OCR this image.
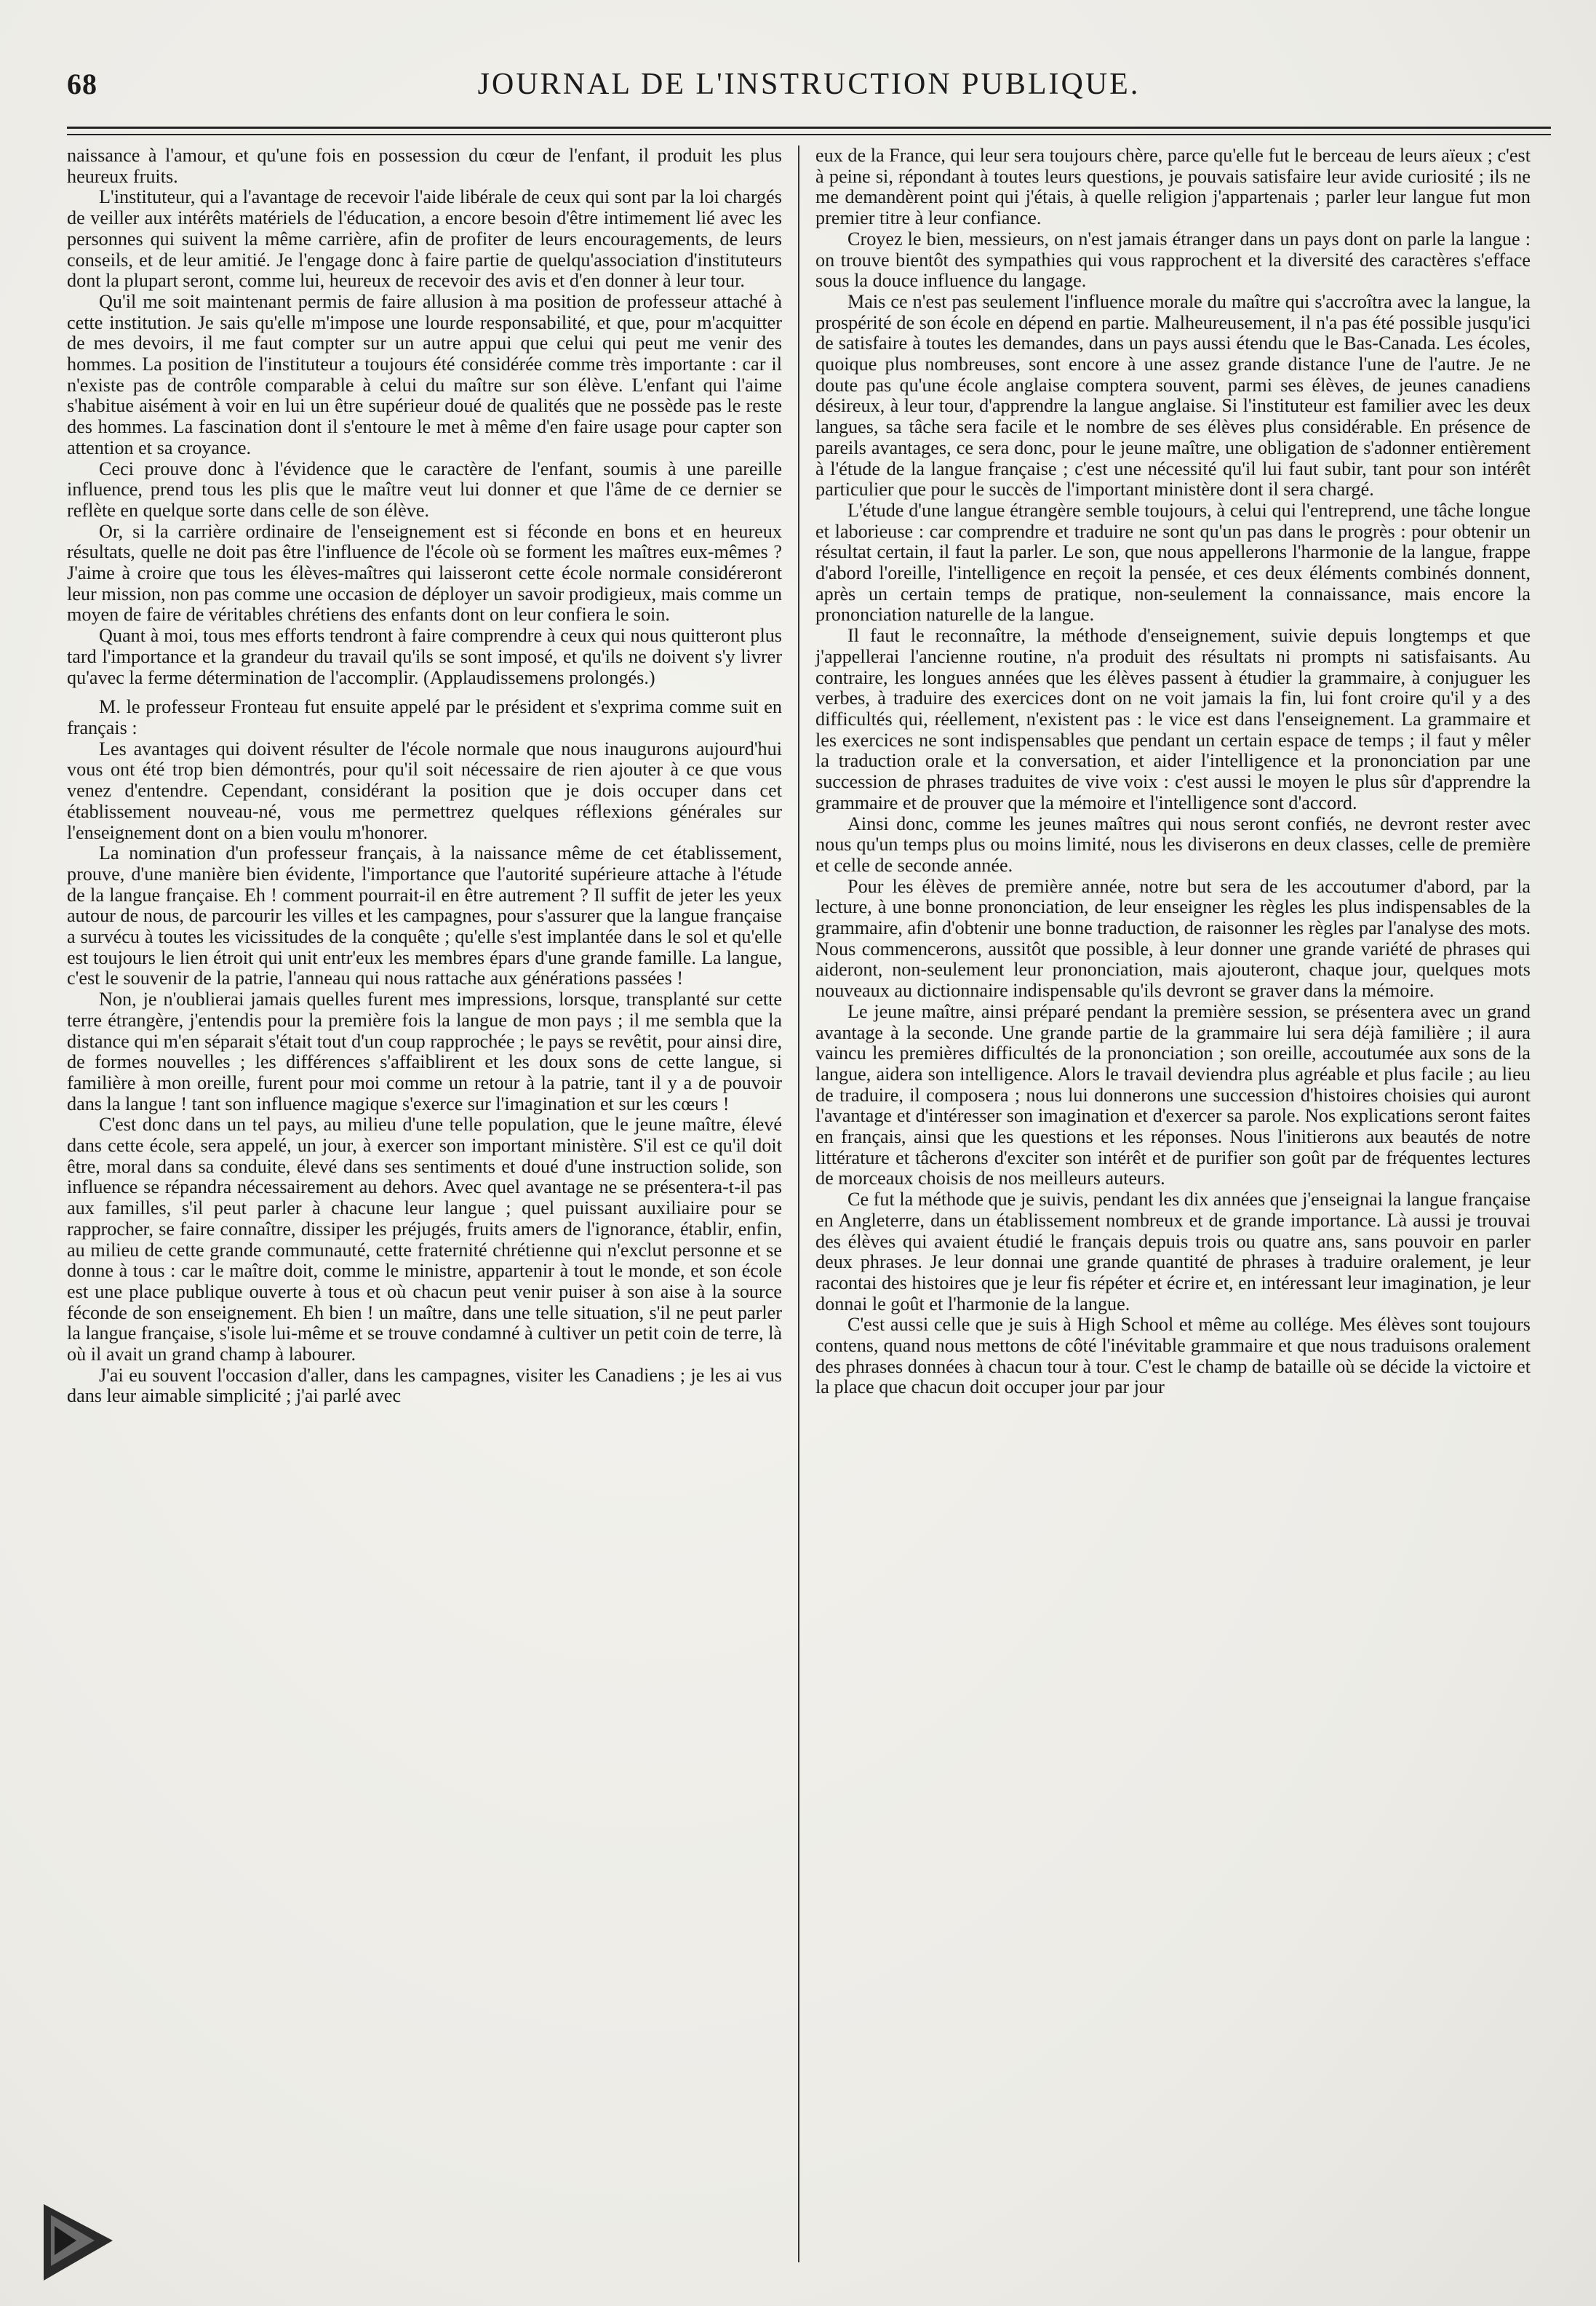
68	JOURNAL DE L'INSTRUCTION PUBLIQUE.

naissance à l'amour, et qu'une fois en possession du cœur de l'enfant, il produit les plus heureux fruits.

L'instituteur, qui a l'avantage de recevoir l'aide libérale de ceux qui sont par la loi chargés de veiller aux intérêts matériels de l'éducation, a encore besoin d'être intimement lié avec les personnes qui suivent la même carrière, afin de profiter de leurs encouragements, de leurs conseils, et de leur amitié. Je l'engage donc à faire partie de quelqu'association d'instituteurs dont la plupart seront, comme lui, heureux de recevoir des avis et d'en donner à leur tour.

Qu'il me soit maintenant permis de faire allusion à ma position de professeur attaché à cette institution. Je sais qu'elle m'impose une lourde responsabilité, et que, pour m'acquitter de mes devoirs, il me faut compter sur un autre appui que celui qui peut me venir des hommes. La position de l'instituteur a toujours été considérée comme très importante : car il n'existe pas de contrôle comparable à celui du maître sur son élève. L'enfant qui l'aime s'habitue aisément à voir en lui un être supérieur doué de qualités que ne possède pas le reste des hommes. La fascination dont il s'entoure le met à même d'en faire usage pour capter son attention et sa croyance.

Ceci prouve donc à l'évidence que le caractère de l'enfant, soumis à une pareille influence, prend tous les plis que le maître veut lui donner et que l'âme de ce dernier se reflète en quelque sorte dans celle de son élève.

Or, si la carrière ordinaire de l'enseignement est si féconde en bons et en heureux résultats, quelle ne doit pas être l'influence de l'école où se forment les maîtres eux-mêmes ? J'aime à croire que tous les élèves-maîtres qui laisseront cette école normale considéreront leur mission, non pas comme une occasion de déployer un savoir prodigieux, mais comme un moyen de faire de véritables chrétiens des enfants dont on leur confiera le soin.

Quant à moi, tous mes efforts tendront à faire comprendre à ceux qui nous quitteront plus tard l'importance et la grandeur du travail qu'ils se sont imposé, et qu'ils ne doivent s'y livrer qu'avec la ferme détermination de l'accomplir. (Applaudissemens prolongés.)

M. le professeur Fronteau fut ensuite appelé par le président et s'exprima comme suit en français :

Les avantages qui doivent résulter de l'école normale que nous inaugurons aujourd'hui vous ont été trop bien démontrés, pour qu'il soit nécessaire de rien ajouter à ce que vous venez d'entendre. Cependant, considérant la position que je dois occuper dans cet établissement nouveau-né, vous me permettrez quelques réflexions générales sur l'enseignement dont on a bien voulu m'honorer.

La nomination d'un professeur français, à la naissance même de cet établissement, prouve, d'une manière bien évidente, l'importance que l'autorité supérieure attache à l'étude de la langue française. Eh ! comment pourrait-il en être autrement ? Il suffit de jeter les yeux autour de nous, de parcourir les villes et les campagnes, pour s'assurer que la langue française a survécu à toutes les vicissitudes de la conquête ; qu'elle s'est implantée dans le sol et qu'elle est toujours le lien étroit qui unit entr'eux les membres épars d'une grande famille. La langue, c'est le souvenir de la patrie, l'anneau qui nous rattache aux générations passées !

Non, je n'oublierai jamais quelles furent mes impressions, lorsque, transplanté sur cette terre étrangère, j'entendis pour la première fois la langue de mon pays ; il me sembla que la distance qui m'en séparait s'était tout d'un coup rapprochée ; le pays se revêtit, pour ainsi dire, de formes nouvelles ; les différences s'affaiblirent et les doux sons de cette langue, si familière à mon oreille, furent pour moi comme un retour à la patrie, tant il y a de pouvoir dans la langue ! tant son influence magique s'exerce sur l'imagination et sur les cœurs !

C'est donc dans un tel pays, au milieu d'une telle population, que le jeune maître, élevé dans cette école, sera appelé, un jour, à exercer son important ministère. S'il est ce qu'il doit être, moral dans sa conduite, élevé dans ses sentiments et doué d'une instruction solide, son influence se répandra nécessairement au dehors. Avec quel avantage ne se présentera-t-il pas aux familles, s'il peut parler à chacune leur langue ; quel puissant auxiliaire pour se rapprocher, se faire connaître, dissiper les préjugés, fruits amers de l'ignorance, établir, enfin, au milieu de cette grande communauté, cette fraternité chrétienne qui n'exclut personne et se donne à tous : car le maître doit, comme le ministre, appartenir à tout le monde, et son école est une place publique ouverte à tous et où chacun peut venir puiser à son aise à la source féconde de son enseignement. Eh bien ! un maître, dans une telle situation, s'il ne peut parler la langue française, s'isole lui-même et se trouve condamné à cultiver un petit coin de terre, là où il avait un grand champ à labourer.

J'ai eu souvent l'occasion d'aller, dans les campagnes, visiter les Canadiens ; je les ai vus dans leur aimable simplicité ; j'ai parlé avec

eux de la France, qui leur sera toujours chère, parce qu'elle fut le berceau de leurs aïeux ; c'est à peine si, répondant à toutes leurs questions, je pouvais satisfaire leur avide curiosité ; ils ne me demandèrent point qui j'étais, à quelle religion j'appartenais ; parler leur langue fut mon premier titre à leur confiance.

Croyez le bien, messieurs, on n'est jamais étranger dans un pays dont on parle la langue : on trouve bientôt des sympathies qui vous rapprochent et la diversité des caractères s'efface sous la douce influence du langage.

Mais ce n'est pas seulement l'influence morale du maître qui s'accroîtra avec la langue, la prospérité de son école en dépend en partie. Malheureusement, il n'a pas été possible jusqu'ici de satisfaire à toutes les demandes, dans un pays aussi étendu que le Bas-Canada. Les écoles, quoique plus nombreuses, sont encore à une assez grande distance l'une de l'autre. Je ne doute pas qu'une école anglaise comptera souvent, parmi ses élèves, de jeunes canadiens désireux, à leur tour, d'apprendre la langue anglaise. Si l'instituteur est familier avec les deux langues, sa tâche sera facile et le nombre de ses élèves plus considérable. En présence de pareils avantages, ce sera donc, pour le jeune maître, une obligation de s'adonner entièrement à l'étude de la langue française ; c'est une nécessité qu'il lui faut subir, tant pour son intérêt particulier que pour le succès de l'important ministère dont il sera chargé.

L'étude d'une langue étrangère semble toujours, à celui qui l'entreprend, une tâche longue et laborieuse : car comprendre et traduire ne sont qu'un pas dans le progrès : pour obtenir un résultat certain, il faut la parler. Le son, que nous appellerons l'harmonie de la langue, frappe d'abord l'oreille, l'intelligence en reçoit la pensée, et ces deux éléments combinés donnent, après un certain temps de pratique, non-seulement la connaissance, mais encore la prononciation naturelle de la langue.

Il faut le reconnaître, la méthode d'enseignement, suivie depuis longtemps et que j'appellerai l'ancienne routine, n'a produit des résultats ni prompts ni satisfaisants. Au contraire, les longues années que les élèves passent à étudier la grammaire, à conjuguer les verbes, à traduire des exercices dont on ne voit jamais la fin, lui font croire qu'il y a des difficultés qui, réellement, n'existent pas : le vice est dans l'enseignement. La grammaire et les exercices ne sont indispensables que pendant un certain espace de temps ; il faut y mêler la traduction orale et la conversation, et aider l'intelligence et la prononciation par une succession de phrases traduites de vive voix : c'est aussi le moyen le plus sûr d'apprendre la grammaire et de prouver que la mémoire et l'intelligence sont d'accord.

Ainsi donc, comme les jeunes maîtres qui nous seront confiés, ne devront rester avec nous qu'un temps plus ou moins limité, nous les diviserons en deux classes, celle de première et celle de seconde année.

Pour les élèves de première année, notre but sera de les accoutumer d'abord, par la lecture, à une bonne prononciation, de leur enseigner les règles les plus indispensables de la grammaire, afin d'obtenir une bonne traduction, de raisonner les règles par l'analyse des mots. Nous commencerons, aussitôt que possible, à leur donner une grande variété de phrases qui aideront, non-seulement leur prononciation, mais ajouteront, chaque jour, quelques mots nouveaux au dictionnaire indispensable qu'ils devront se graver dans la mémoire.

Le jeune maître, ainsi préparé pendant la première session, se présentera avec un grand avantage à la seconde. Une grande partie de la grammaire lui sera déjà familière ; il aura vaincu les premières difficultés de la prononciation ; son oreille, accoutumée aux sons de la langue, aidera son intelligence. Alors le travail deviendra plus agréable et plus facile ; au lieu de traduire, il composera ; nous lui donnerons une succession d'histoires choisies qui auront l'avantage et d'intéresser son imagination et d'exercer sa parole. Nos explications seront faites en français, ainsi que les questions et les réponses. Nous l'initierons aux beautés de notre littérature et tâcherons d'exciter son intérêt et de purifier son goût par de fréquentes lectures de morceaux choisis de nos meilleurs auteurs.

Ce fut la méthode que je suivis, pendant les dix années que j'enseignai la langue française en Angleterre, dans un établissement nombreux et de grande importance. Là aussi je trouvai des élèves qui avaient étudié le français depuis trois ou quatre ans, sans pouvoir en parler deux phrases. Je leur donnai une grande quantité de phrases à traduire oralement, je leur racontai des histoires que je leur fis répéter et écrire et, en intéressant leur imagination, je leur donnai le goût et l'harmonie de la langue.

C'est aussi celle que je suis à High School et même au collége. Mes élèves sont toujours contens, quand nous mettons de côté l'inévitable grammaire et que nous traduisons oralement des phrases données à chacun tour à tour. C'est le champ de bataille où se décide la victoire et la place que chacun doit occuper jour par jour
